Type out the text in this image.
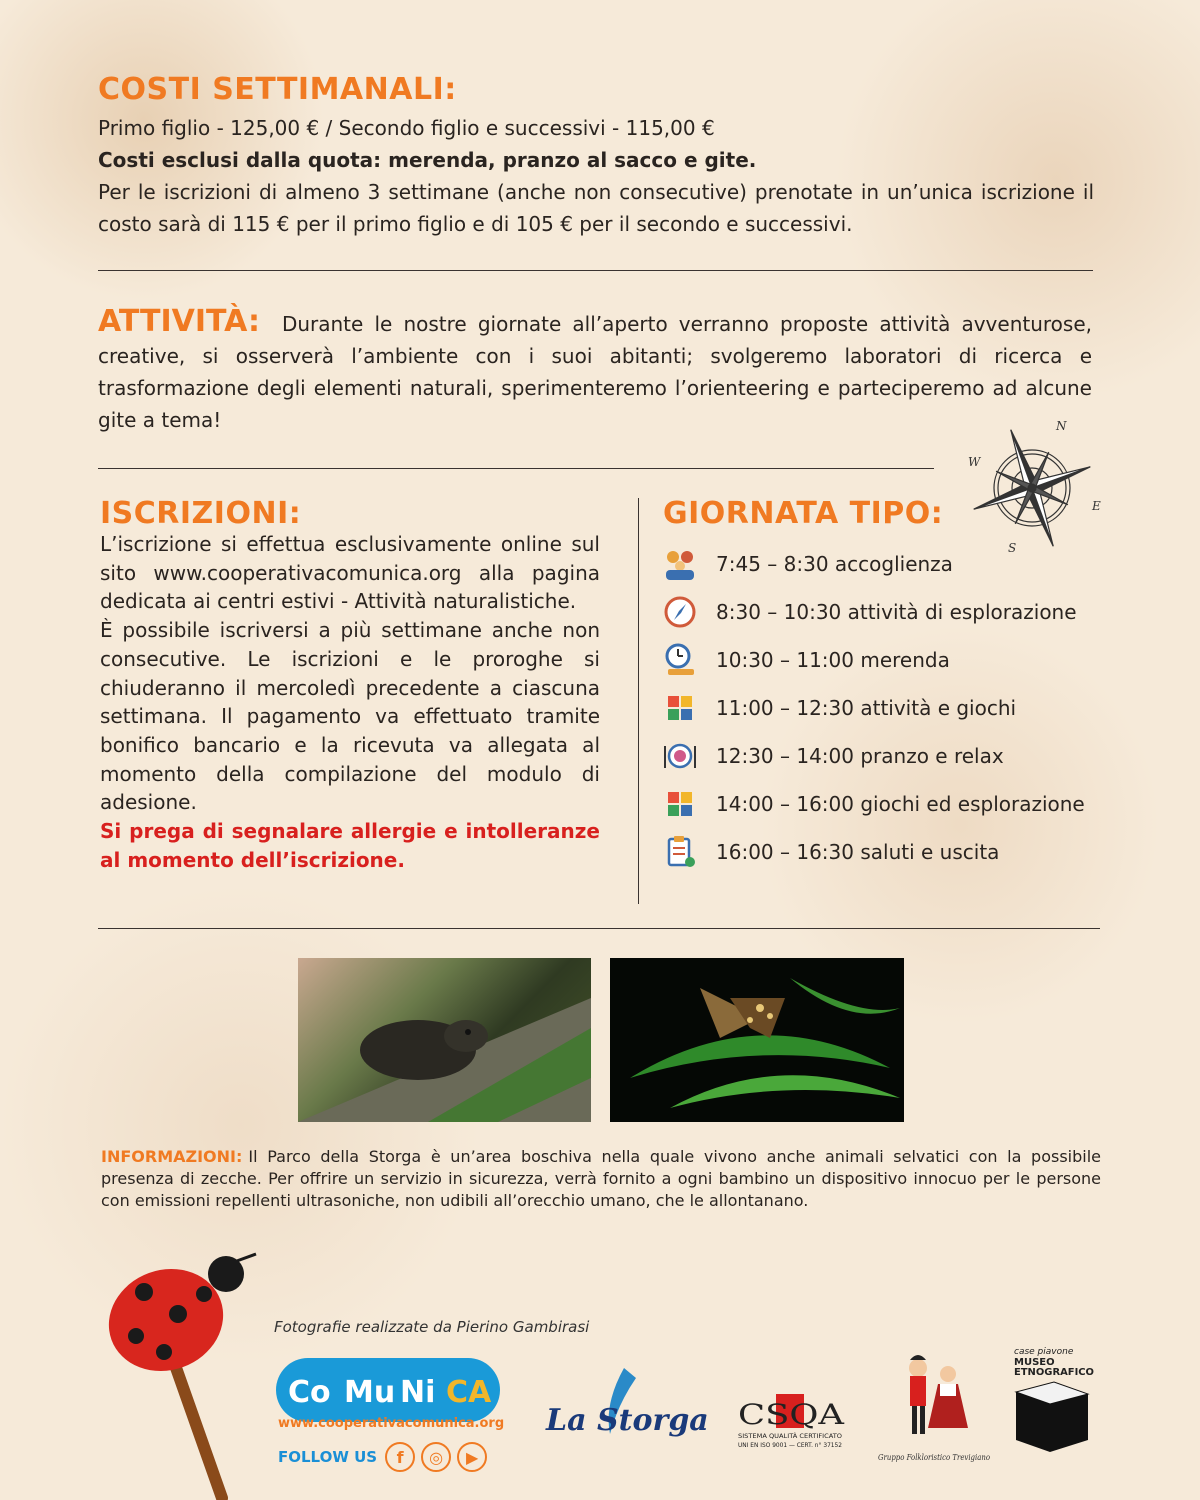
COSTI SETTIMANALI:
Primo figlio - 125,00 € / Secondo figlio e successivi - 115,00 €
Costi esclusi dalla quota: merenda, pranzo al sacco e gite.
Per le iscrizioni di almeno 3 settimane (anche non consecutive) prenotate in un’unica iscrizione il costo sarà di 115 € per il primo figlio e di 105 € per il secondo e successivi.
ATTIVITÀ: Durante le nostre giornate all’aperto verranno proposte attività avventurose, creative, si osserverà l’ambiente con i suoi abitanti; svolgeremo laboratori di ricerca e trasformazione degli elementi naturali, sperimenteremo l’orienteering e parteciperemo ad alcune gite a tema!	N
E
S
W
ISCRIZIONI:
L’iscrizione si effettua esclusivamente online sul sito www.cooperativacomunica.org alla pagina dedicata ai centri estivi - Attività naturalistiche.
È possibile iscriversi a più settimane anche non consecutive. Le iscrizioni e le proroghe si chiuderanno il mercoledì precedente a ciascuna settimana. Il pagamento va effettuato tramite bonifico bancario e la ricevuta va allegata al momento della compilazione del modulo di adesione.
Si prega di segnalare allergie e intolleranze al momento dell’iscrizione.
GIORNATA TIPO:
7:45 – 8:30 accoglienza
8:30 – 10:30 attività di esplorazione
10:30 – 11:00 merenda
11:00 – 12:30 attività e giochi
12:30 – 14:00 pranzo e relax
14:00 – 16:00 giochi ed esplorazione
16:00 – 16:30 saluti e uscita
INFORMAZIONI: Il Parco della Storga è un’area boschiva nella quale vivono anche animali selvatici con la possibile presenza di zecche. Per offrire un servizio in sicurezza, verrà fornito a ogni bambino un dispositivo innocuo per le persone con emissioni repellenti ultrasoniche, non udibili all’orecchio umano, che le allontanano.
Fotografie realizzate da Pierino Gambirasi
Co Mu Ni CA
www.cooperativacomunica.org
FOLLOW US	f	◎	▶
La Storga CSQA
SISTEMA QUALITÀ CERTIFICATO
UNI EN ISO 9001 — CERT. n° 37152
Gruppo Folkloristico Trevigiano
case piavone
MUSEO
ETNOGRAFICO
